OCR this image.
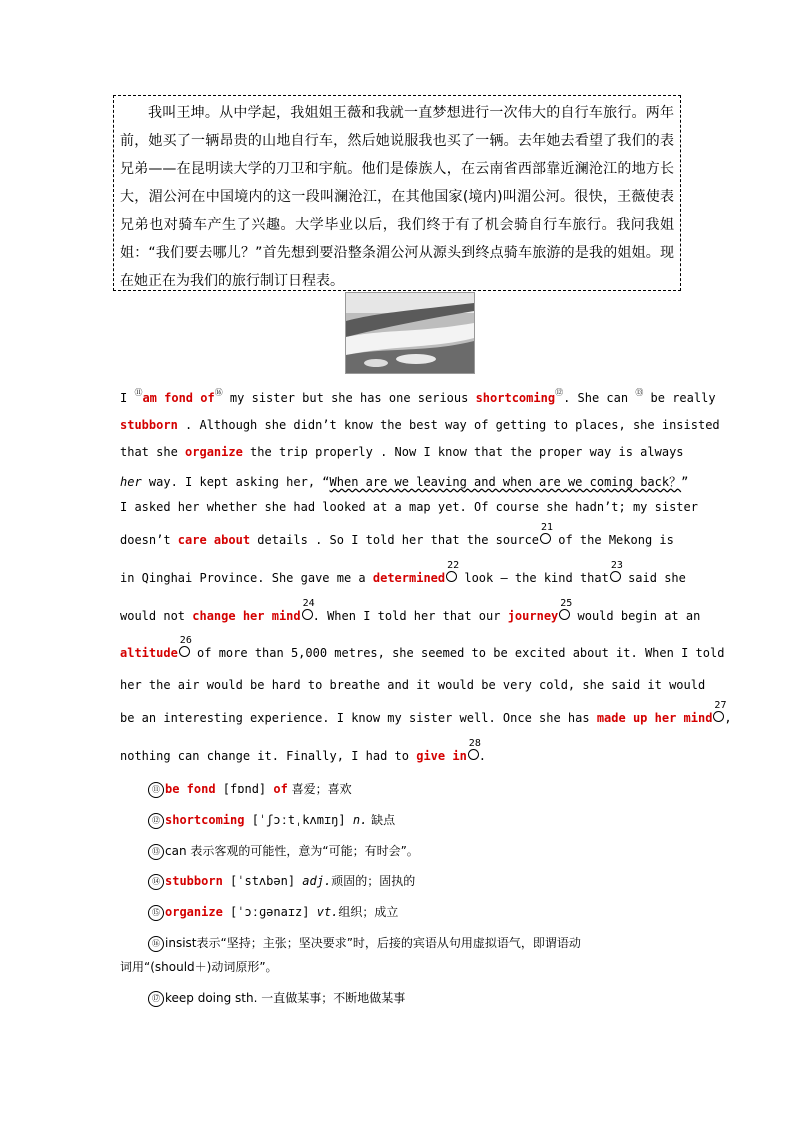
我叫王坤。从中学起，我姐姐王薇和我就一直梦想进行一次伟大的自行车旅行。两年前，她买了一辆昂贵的山地自行车，然后她说服我也买了一辆。去年她去看望了我们的表兄弟——在昆明读大学的刀卫和宇航。他们是傣族人，在云南省西部靠近澜沧江的地方长大，湄公河在中国境内的这一段叫澜沧江，在其他国家(境内)叫湄公河。很快，王薇使表兄弟也对骑车产生了兴趣。大学毕业以后，我们终于有了机会骑自行车旅行。我问我姐姐：“我们要去哪儿？”首先想到要沿整条湄公河从源头到终点骑车旅游的是我的姐姐。现在她正在为我们的旅行制订日程表。

I ⑪am fond of⑯ my sister but she has one serious shortcoming⑫. She can ⑬ be really
stubborn . Although she didn’t know the best way of getting to places, she insisted
that she organize the trip properly . Now I know that the proper way is always
her way. I kept asking her, “When are we leaving and when are we coming back？”
I asked her whether she had looked at a map yet. Of course she hadn’t; my sister
doesn’t care about details . So I told her that the source
21
of the Mekong is
in Qinghai Province. She gave me a determined
22
look — the kind that
23
said she
would not change her mind
24
. When I told her that our journey
25
would begin at an
altitude
26
of more than 5,000 metres, she seemed to be excited about it. When I told
her the air would be hard to breathe and it would be very cold, she said it would
be an interesting experience. I know my sister well. Once she has made up her mind
27
,
nothing can change it. Finally, I had to give in
28
.
⑪ be fond [fɒnd] of 喜爱；喜欢
⑫ shortcoming [ˈʃɔːtˌkʌmɪŋ] n. 缺点
⑬ can 表示客观的可能性，意为“可能；有时会”。
⑭ stubborn [ˈstʌbən] adj.顽固的；固执的
⑮ organize [ˈɔːɡənaɪz] vt.组织；成立
⑯ insist表示“坚持；主张；坚决要求”时，后接的宾语从句用虚拟语气，即谓语动
词用“(should＋)动词原形”。
⑰ keep doing sth. 一直做某事；不断地做某事
